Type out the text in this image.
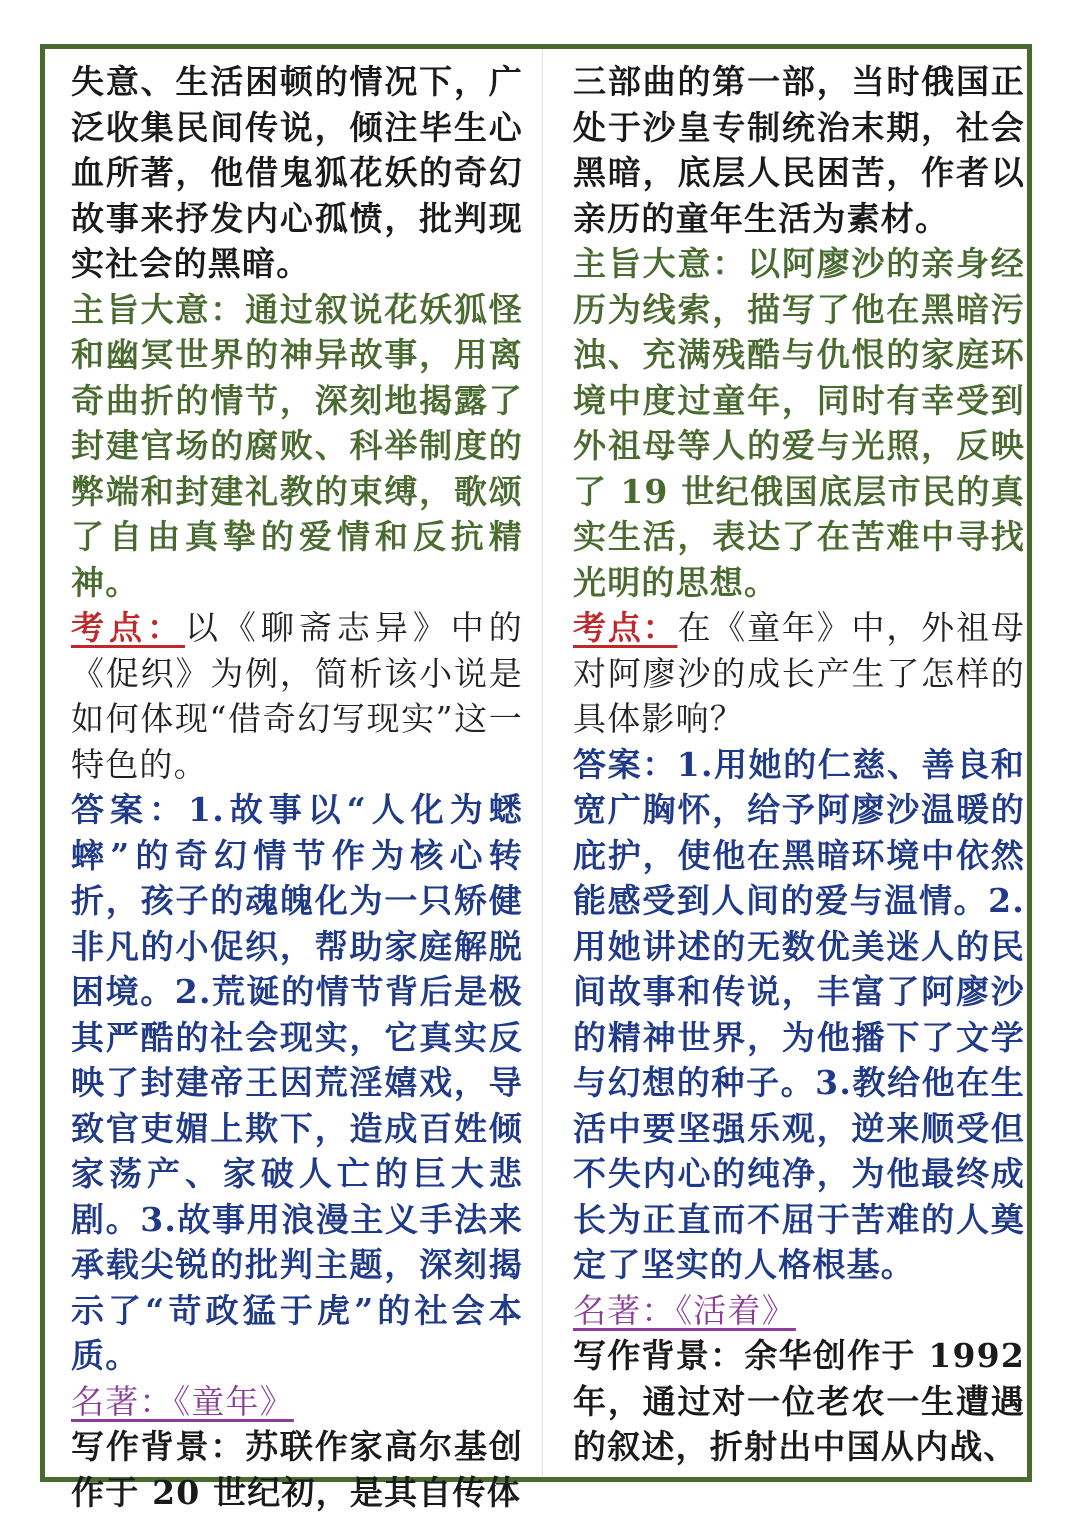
失意、生活困顿的情况下，广泛收集民间传说，倾注毕生心血所著，他借鬼狐花妖的奇幻故事来抒发内心孤愤，批判现实社会的黑暗。

主旨大意：通过叙说花妖狐怪和幽冥世界的神异故事，用离奇曲折的情节，深刻地揭露了封建官场的腐败、科举制度的弊端和封建礼教的束缚，歌颂了自由真挚的爱情和反抗精神。

考点：以《聊斋志异》中的《促织》为例，简析该小说是如何体现“借奇幻写现实”这一特色的。

答案：1.故事以“人化为蟋蟀”的奇幻情节作为核心转折，孩子的魂魄化为一只矫健非凡的小促织，帮助家庭解脱困境。2.荒诞的情节背后是极其严酷的社会现实，它真实反映了封建帝王因荒淫嬉戏，导致官吏媚上欺下，造成百姓倾家荡产、家破人亡的巨大悲剧。3.故事用浪漫主义手法来承载尖锐的批判主题，深刻揭示了“苛政猛于虎”的社会本质。

名著：《童年》

写作背景：苏联作家高尔基创作于 20 世纪初，是其自传体

三部曲的第一部，当时俄国正处于沙皇专制统治末期，社会黑暗，底层人民困苦，作者以亲历的童年生活为素材。

主旨大意：以阿廖沙的亲身经历为线索，描写了他在黑暗污浊、充满残酷与仇恨的家庭环境中度过童年，同时有幸受到外祖母等人的爱与光照，反映了 19 世纪俄国底层市民的真实生活，表达了在苦难中寻找光明的思想。

考点：在《童年》中，外祖母对阿廖沙的成长产生了怎样的具体影响？

答案：1.用她的仁慈、善良和宽广胸怀，给予阿廖沙温暖的庇护，使他在黑暗环境中依然能感受到人间的爱与温情。2.用她讲述的无数优美迷人的民间故事和传说，丰富了阿廖沙的精神世界，为他播下了文学与幻想的种子。3.教给他在生活中要坚强乐观，逆来顺受但不失内心的纯净，为他最终成长为正直而不屈于苦难的人奠定了坚实的人格根基。

名著：《活着》

写作背景：余华创作于 1992 年，通过对一位老农一生遭遇的叙述，折射出中国从内战、
